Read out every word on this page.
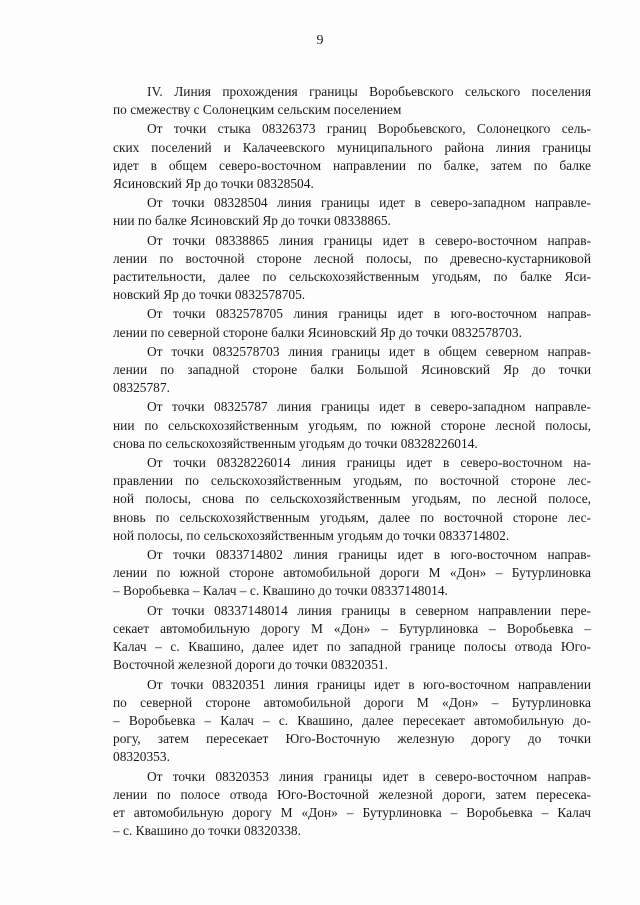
9

IV. Линия прохождения границы Воробьевского сельского поселения
по смежеству с Солонецким сельским поселением

От точки стыка 08326373 границ Воробьевского, Солонецкого сель-
ских поселений и Калачеевского муниципального района линия границы
идет в общем северо-восточном направлении по балке, затем по балке
Ясиновский Яр до точки 08328504.

От точки 08328504 линия границы идет в северо-западном направле-
нии по балке Ясиновский Яр до точки 08338865.

От точки 08338865 линия границы идет в северо-восточном направ-
лении по восточной стороне лесной полосы, по древесно-кустарниковой
растительности, далее по сельскохозяйственным угодьям, по балке Яси-
новский Яр до точки 0832578705.

От точки 0832578705 линия границы идет в юго-восточном направ-
лении по северной стороне балки Ясиновский Яр до точки 0832578703.

От точки 0832578703 линия границы идет в общем северном направ-
лении по западной стороне балки Большой Ясиновский Яр до точки
08325787.

От точки 08325787 линия границы идет в северо-западном направле-
нии по сельскохозяйственным угодьям, по южной стороне лесной полосы,
снова по сельскохозяйственным угодьям до точки 08328226014.

От точки 08328226014 линия границы идет в северо-восточном на-
правлении по сельскохозяйственным угодьям, по восточной стороне лес-
ной полосы, снова по сельскохозяйственным угодьям, по лесной полосе,
вновь по сельскохозяйственным угодьям, далее по восточной стороне лес-
ной полосы, по сельскохозяйственным угодьям до точки 0833714802.

От точки 0833714802 линия границы идет в юго-восточном направ-
лении по южной стороне автомобильной дороги М «Дон» – Бутурлиновка
– Воробьевка – Калач – с. Квашино до точки 08337148014.

От точки 08337148014 линия границы в северном направлении пере-
секает автомобильную дорогу М «Дон» – Бутурлиновка – Воробьевка –
Калач – с. Квашино, далее идет по западной границе полосы отвода Юго-
Восточной железной дороги до точки 08320351.

От точки 08320351 линия границы идет в юго-восточном направлении
по северной стороне автомобильной дороги М «Дон» – Бутурлиновка
– Воробьевка – Калач – с. Квашино, далее пересекает автомобильную до-
рогу, затем пересекает Юго-Восточную железную дорогу до точки
08320353.

От точки 08320353 линия границы идет в северо-восточном направ-
лении по полосе отвода Юго-Восточной железной дороги, затем пересека-
ет автомобильную дорогу М «Дон» – Бутурлиновка – Воробьевка – Калач
– с. Квашино до точки 08320338.
